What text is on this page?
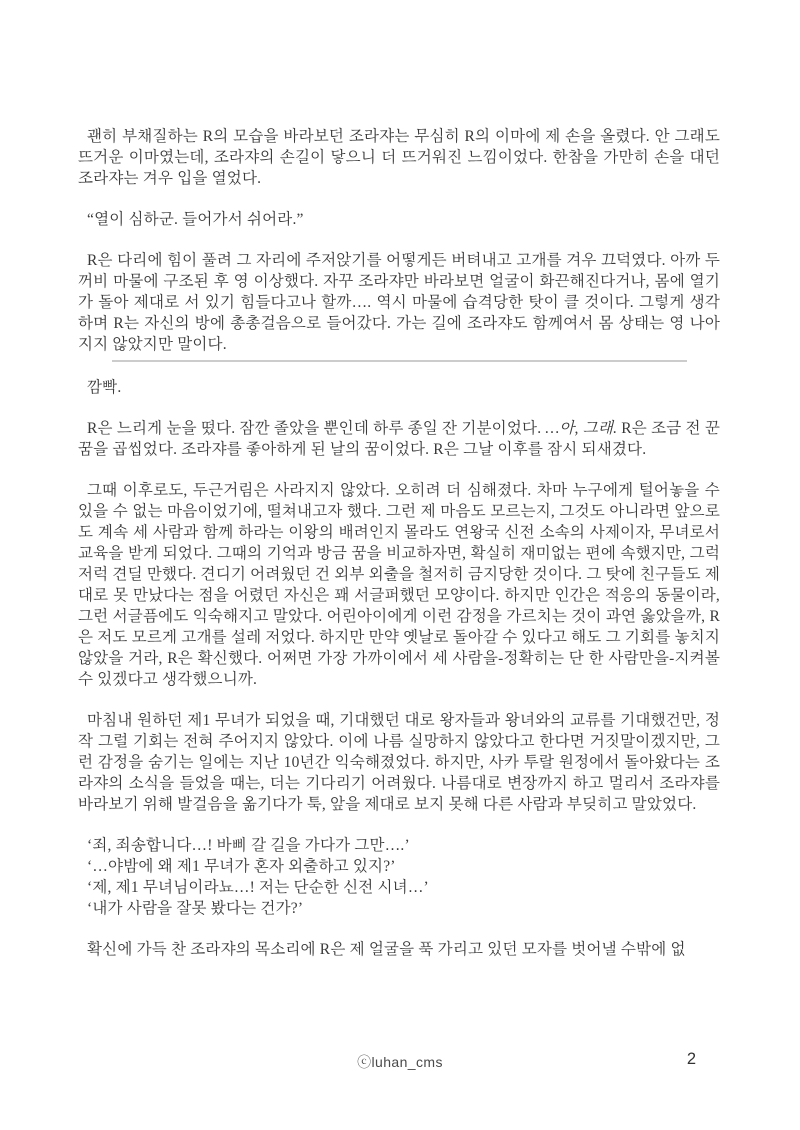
괜히 부채질하는 R의 모습을 바라보던 조라쟈는 무심히 R의 이마에 제 손을 올렸다. 안 그래도 뜨거운 이마였는데, 조라쟈의 손길이 닿으니 더 뜨거워진 느낌이었다. 한참을 가만히 손을 대던 조라쟈는 겨우 입을 열었다.

“열이 심하군. 들어가서 쉬어라.”

R은 다리에 힘이 풀려 그 자리에 주저앉기를 어떻게든 버텨내고 고개를 겨우 끄덕였다. 아까 두꺼비 마물에 구조된 후 영 이상했다. 자꾸 조라쟈만 바라보면 얼굴이 화끈해진다거나, 몸에 열기가 돌아 제대로 서 있기 힘들다고나 할까…. 역시 마물에 습격당한 탓이 클 것이다. 그렇게 생각하며 R는 자신의 방에 총총걸음으로 들어갔다. 가는 길에 조라쟈도 함께여서 몸 상태는 영 나아지지 않았지만 말이다.

깜빡.

R은 느리게 눈을 떴다. 잠깐 졸았을 뿐인데 하루 종일 잔 기분이었다. …아, 그래. R은 조금 전 꾼 꿈을 곱씹었다. 조라쟈를 좋아하게 된 날의 꿈이었다. R은 그날 이후를 잠시 되새겼다.

그때 이후로도, 두근거림은 사라지지 않았다. 오히려 더 심해졌다. 차마 누구에게 털어놓을 수 있을 수 없는 마음이었기에, 떨쳐내고자 했다. 그런 제 마음도 모르는지, 그것도 아니라면 앞으로도 계속 세 사람과 함께 하라는 이왕의 배려인지 몰라도 연왕국 신전 소속의 사제이자, 무녀로서 교육을 받게 되었다. 그때의 기억과 방금 꿈을 비교하자면, 확실히 재미없는 편에 속했지만, 그럭저럭 견딜 만했다. 견디기 어려웠던 건 외부 외출을 철저히 금지당한 것이다. 그 탓에 친구들도 제대로 못 만났다는 점을 어렸던 자신은 꽤 서글퍼했던 모양이다. 하지만 인간은 적응의 동물이라, 그런 서글픔에도 익숙해지고 말았다. 어린아이에게 이런 감정을 가르치는 것이 과연 옳았을까, R은 저도 모르게 고개를 설레 저었다. 하지만 만약 옛날로 돌아갈 수 있다고 해도 그 기회를 놓치지 않았을 거라, R은 확신했다. 어쩌면 가장 가까이에서 세 사람을-정확히는 단 한 사람만을-지켜볼 수 있겠다고 생각했으니까.

마침내 원하던 제1 무녀가 되었을 때, 기대했던 대로 왕자들과 왕녀와의 교류를 기대했건만, 정작 그럴 기회는 전혀 주어지지 않았다. 이에 나름 실망하지 않았다고 한다면 거짓말이겠지만, 그런 감정을 숨기는 일에는 지난 10년간 익숙해졌었다. 하지만, 사카 투랄 원정에서 돌아왔다는 조라쟈의 소식을 들었을 때는, 더는 기다리기 어려웠다. 나름대로 변장까지 하고 멀리서 조라쟈를 바라보기 위해 발걸음을 옮기다가 툭, 앞을 제대로 보지 못해 다른 사람과 부딪히고 말았었다.

‘죄, 죄송합니다…! 바삐 갈 길을 가다가 그만….’

‘…야밤에 왜 제1 무녀가 혼자 외출하고 있지?’

‘제, 제1 무녀님이라뇨…! 저는 단순한 신전 시녀…’

‘내가 사람을 잘못 봤다는 건가?’

확신에 가득 찬 조라쟈의 목소리에 R은 제 얼굴을 푹 가리고 있던 모자를 벗어낼 수밖에 없

ⓒluhan_cms	2
